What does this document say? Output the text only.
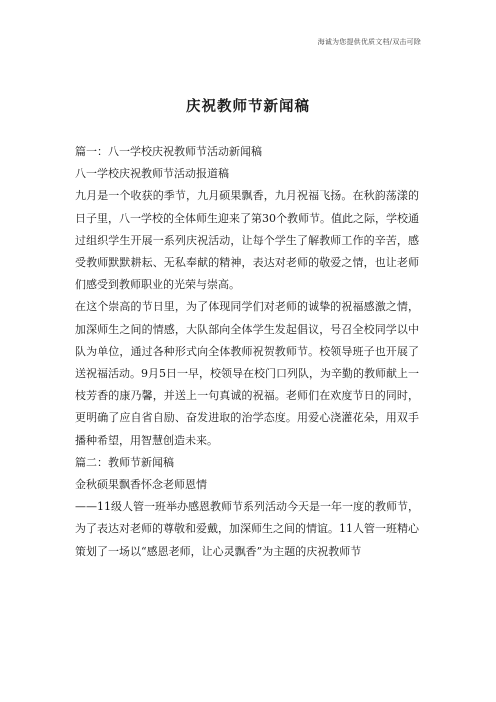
海诚为您提供优质文档/双击可除
庆祝教师节新闻稿

篇一：八一学校庆祝教师节活动新闻稿

八一学校庆祝教师节活动报道稿

九月是一个收获的季节，九月硕果飘香，九月祝福飞扬。在秋韵荡漾的日子里，八一学校的全体师生迎来了第30个教师节。值此之际，学校通过组织学生开展一系列庆祝活动，让每个学生了解教师工作的辛苦，感受教师默默耕耘、无私奉献的精神，表达对老师的敬爱之情，也让老师们感受到教师职业的光荣与崇高。

在这个崇高的节日里，为了体现同学们对老师的诚挚的祝福感激之情，加深师生之间的情感，大队部向全体学生发起倡议，号召全校同学以中队为单位，通过各种形式向全体教师祝贺教师节。校领导班子也开展了送祝福活动。9月5日一早，校领导在校门口列队，为辛勤的教师献上一枝芳香的康乃馨，并送上一句真诚的祝福。老师们在欢度节日的同时，更明确了应自省自励、奋发进取的治学态度。用爱心浇灌花朵，用双手播种希望，用智慧创造未来。

篇二：教师节新闻稿

金秋硕果飘香怀念老师恩情

——11级人管一班举办感恩教师节系列活动今天是一年一度的教师节，为了表达对老师的尊敬和爱戴，加深师生之间的情谊。11人管一班精心策划了一场以“感恩老师，让心灵飘香”为主题的庆祝教师节
